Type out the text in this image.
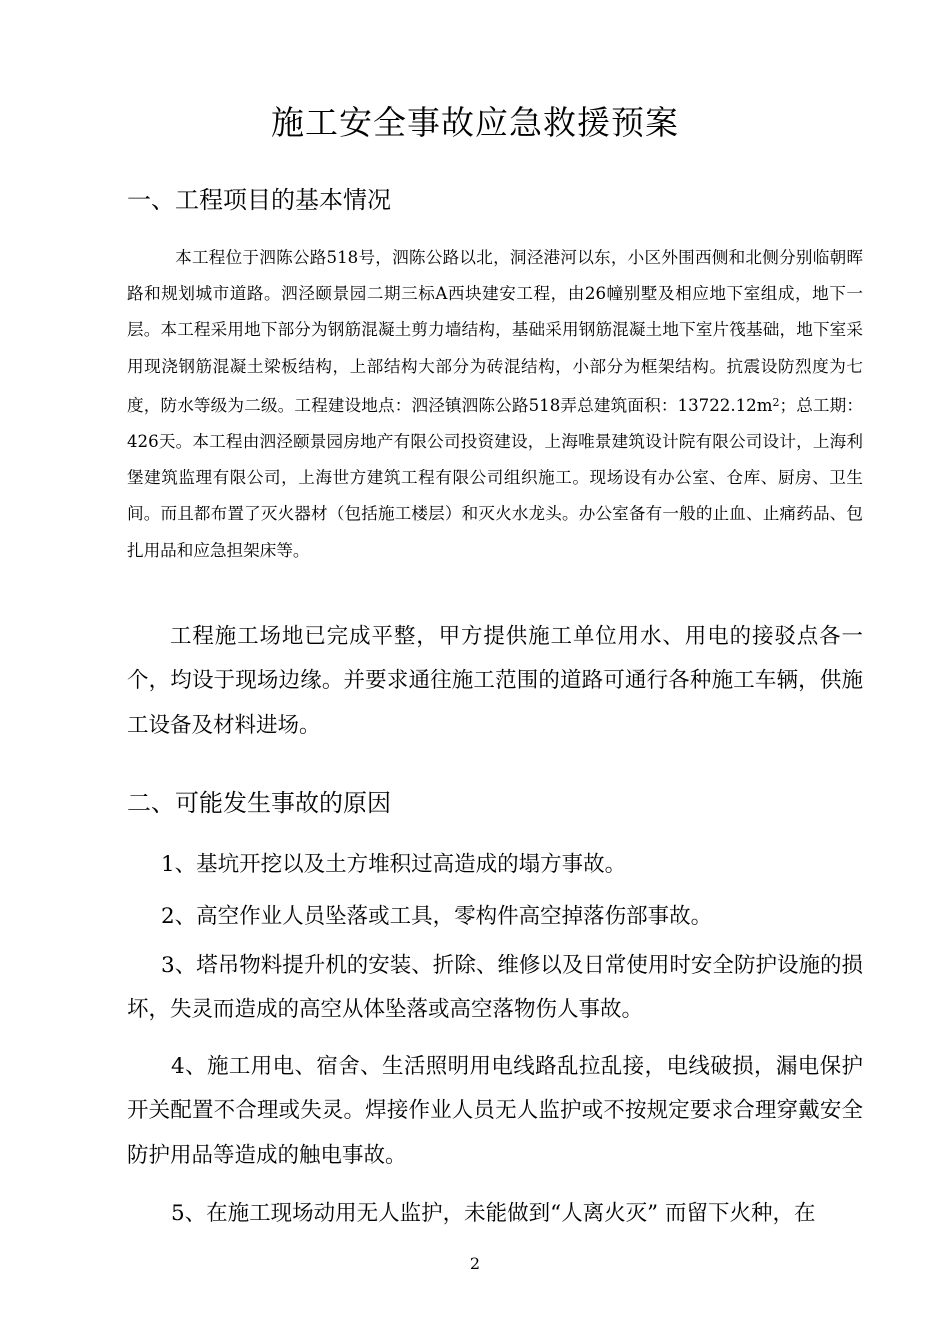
施工安全事故应急救援预案
一、工程项目的基本情况

本工程位于泗陈公路518号，泗陈公路以北，洞泾港河以东，小区外围西侧和北侧分别临朝晖路和规划城市道路。泗泾颐景园二期三标A西块建安工程，由26幢别墅及相应地下室组成，地下一层。本工程采用地下部分为钢筋混凝土剪力墙结构，基础采用钢筋混凝土地下室片筏基础，地下室采用现浇钢筋混凝土梁板结构，上部结构大部分为砖混结构，小部分为框架结构。抗震设防烈度为七度，防水等级为二级。工程建设地点：泗泾镇泗陈公路518弄总建筑面积：$13722.12m^2$；总工期：426天。本工程由泗泾颐景园房地产有限公司投资建设，上海唯景建筑设计院有限公司设计，上海利堡建筑监理有限公司，上海世方建筑工程有限公司组织施工。现场设有办公室、仓库、厨房、卫生间。而且都布置了灭火器材（包括施工楼层）和灭火水龙头。办公室备有一般的止血、止痛药品、包扎用品和应急担架床等。

工程施工场地已完成平整，甲方提供施工单位用水、用电的接驳点各一个，均设于现场边缘。并要求通往施工范围的道路可通行各种施工车辆，供施工设备及材料进场。

二、可能发生事故的原因

1、基坑开挖以及土方堆积过高造成的塌方事故。

2、高空作业人员坠落或工具，零构件高空掉落伤部事故。

3、塔吊物料提升机的安装、折除、维修以及日常使用时安全防护设施的损坏，失灵而造成的高空从体坠落或高空落物伤人事故。

4、施工用电、宿舍、生活照明用电线路乱拉乱接，电线破损，漏电保护开关配置不合理或失灵。焊接作业人员无人监护或不按规定要求合理穿戴安全防护用品等造成的触电事故。

5、在施工现场动用无人监护，未能做到“人离火灭” 而留下火种，在

2
